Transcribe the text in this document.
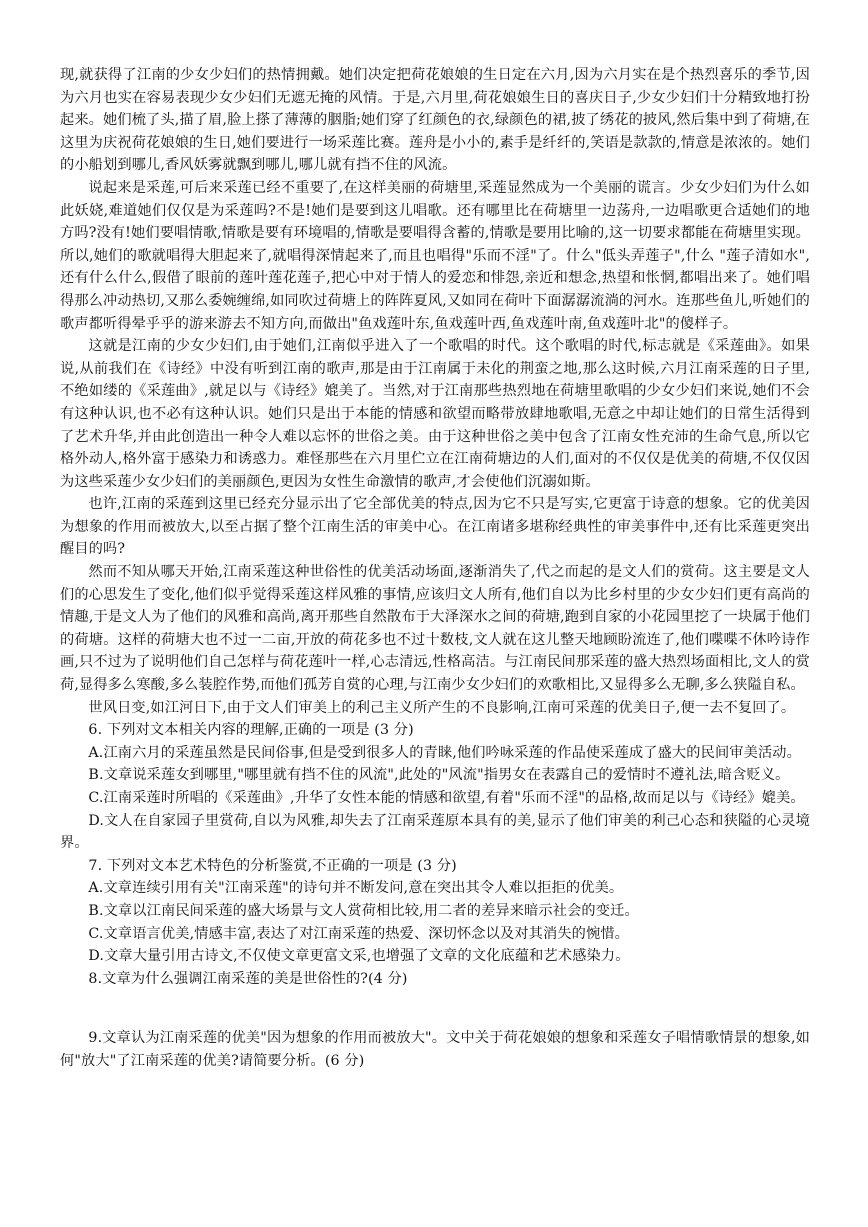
现,就获得了江南的少女少妇们的热情拥戴。她们决定把荷花娘娘的生日定在六月,因为六月实在是个热烈喜乐的季节,因为六月也实在容易表现少女少妇们无遮无掩的风情。于是,六月里,荷花娘娘生日的喜庆日子,少女少妇们十分精致地打扮起来。她们梳了头,描了眉,脸上搽了薄薄的胭脂;她们穿了红颜色的衣,绿颜色的裙,披了绣花的披风,然后集中到了荷塘,在这里为庆祝荷花娘娘的生日,她们要进行一场采莲比赛。莲舟是小小的,素手是纤纤的,笑语是款款的,情意是浓浓的。她们的小船划到哪儿,香风妖雾就飘到哪儿,哪儿就有挡不住的风流。

说起来是采莲,可后来采莲已经不重要了,在这样美丽的荷塘里,采莲显然成为一个美丽的谎言。少女少妇们为什么如此妖娆,难道她们仅仅是为采莲吗?不是!她们是要到这儿唱歌。还有哪里比在荷塘里一边荡舟,一边唱歌更合适她们的地方吗?没有!她们要唱情歌,情歌是要有环境唱的,情歌是要唱得含蓄的,情歌是要用比喻的,这一切要求都能在荷塘里实现。所以,她们的歌就唱得大胆起来了,就唱得深情起来了,而且也唱得"乐而不淫"了。什么"低头弄莲子",什么 "莲子清如水",还有什么什么,假借了眼前的莲叶莲花莲子,把心中对于情人的爱恋和悱怨,亲近和想念,热望和怅惘,都唱出来了。她们唱得那么冲动热切,又那么委婉缠绵,如同吹过荷塘上的阵阵夏风,又如同在荷叶下面潺潺流淌的河水。连那些鱼儿,听她们的歌声都听得晕乎乎的游来游去不知方向,而做出"鱼戏莲叶东,鱼戏莲叶西,鱼戏莲叶南,鱼戏莲叶北"的傻样子。

这就是江南的少女少妇们,由于她们,江南似乎进入了一个歌唱的时代。这个歌唱的时代,标志就是《采莲曲》。如果说,从前我们在《诗经》中没有听到江南的歌声,那是由于江南属于未化的荆蛮之地,那么这时候,六月江南采莲的日子里,不绝如缕的《采莲曲》,就足以与《诗经》媲美了。当然,对于江南那些热烈地在荷塘里歌唱的少女少妇们来说,她们不会有这种认识,也不必有这种认识。她们只是出于本能的情感和欲望而略带放肆地歌唱,无意之中却让她们的日常生活得到了艺术升华,并由此创造出一种令人难以忘怀的世俗之美。由于这种世俗之美中包含了江南女性充沛的生命气息,所以它格外动人,格外富于感染力和诱惑力。难怪那些在六月里伫立在江南荷塘边的人们,面对的不仅仅是优美的荷塘,不仅仅因为这些采莲少女少妇们的美丽颜色,更因为女性生命激情的歌声,才会使他们沉溺如斯。

也许,江南的采莲到这里已经充分显示出了它全部优美的特点,因为它不只是写实,它更富于诗意的想象。它的优美因为想象的作用而被放大,以至占据了整个江南生活的审美中心。在江南诸多堪称经典性的审美事件中,还有比采莲更突出醒目的吗?

然而不知从哪天开始,江南采莲这种世俗性的优美活动场面,逐渐消失了,代之而起的是文人们的赏荷。这主要是文人们的心思发生了变化,他们似乎觉得采莲这样风雅的事情,应该归文人所有,他们自以为比乡村里的少女少妇们更有高尚的情趣,于是文人为了他们的风雅和高尚,离开那些自然散布于大泽深水之间的荷塘,跑到自家的小花园里挖了一块属于他们的荷塘。这样的荷塘大也不过一二亩,开放的荷花多也不过十数枝,文人就在这儿整天地顾盼流连了,他们喋喋不休吟诗作画,只不过为了说明他们自己怎样与荷花莲叶一样,心志清远,性格高洁。与江南民间那采莲的盛大热烈场面相比,文人的赏荷,显得多么寒酸,多么装腔作势,而他们孤芳自赏的心理,与江南少女少妇们的欢歌相比,又显得多么无聊,多么狭隘自私。

世风日变,如江河日下,由于文人们审美上的利己主义所产生的不良影响,江南可采莲的优美日子,便一去不复回了。

6. 下列对文本相关内容的理解,正确的一项是 (3 分)

A.江南六月的采莲虽然是民间俗事,但是受到很多人的青睐,他们吟咏采莲的作品使采莲成了盛大的民间审美活动。

B.文章说采莲女到哪里,"哪里就有挡不住的风流",此处的"风流"指男女在表露自己的爱情时不遵礼法,暗含贬义。

C.江南采莲时所唱的《采莲曲》,升华了女性本能的情感和欲望,有着"乐而不淫"的品格,故而足以与《诗经》媲美。

D.文人在自家园子里赏荷,自以为风雅,却失去了江南采莲原本具有的美,显示了他们审美的利己心态和狭隘的心灵境界。

7. 下列对文本艺术特色的分析鉴赏,不正确的一项是 (3 分)

A.文章连续引用有关"江南采莲"的诗句并不断发问,意在突出其令人难以拒拒的优美。

B.文章以江南民间采莲的盛大场景与文人赏荷相比较,用二者的差异来暗示社会的变迁。

C.文章语言优美,情感丰富,表达了对江南采莲的热爱、深切怀念以及对其消失的惋惜。

D.文章大量引用古诗文,不仅使文章更富文采,也增强了文章的文化底蕴和艺术感染力。

8.文章为什么强调江南采莲的美是世俗性的?(4 分)

9.文章认为江南采莲的优美"因为想象的作用而被放大"。文中关于荷花娘娘的想象和采莲女子唱情歌情景的想象,如何"放大"了江南采莲的优美?请简要分析。(6 分)
